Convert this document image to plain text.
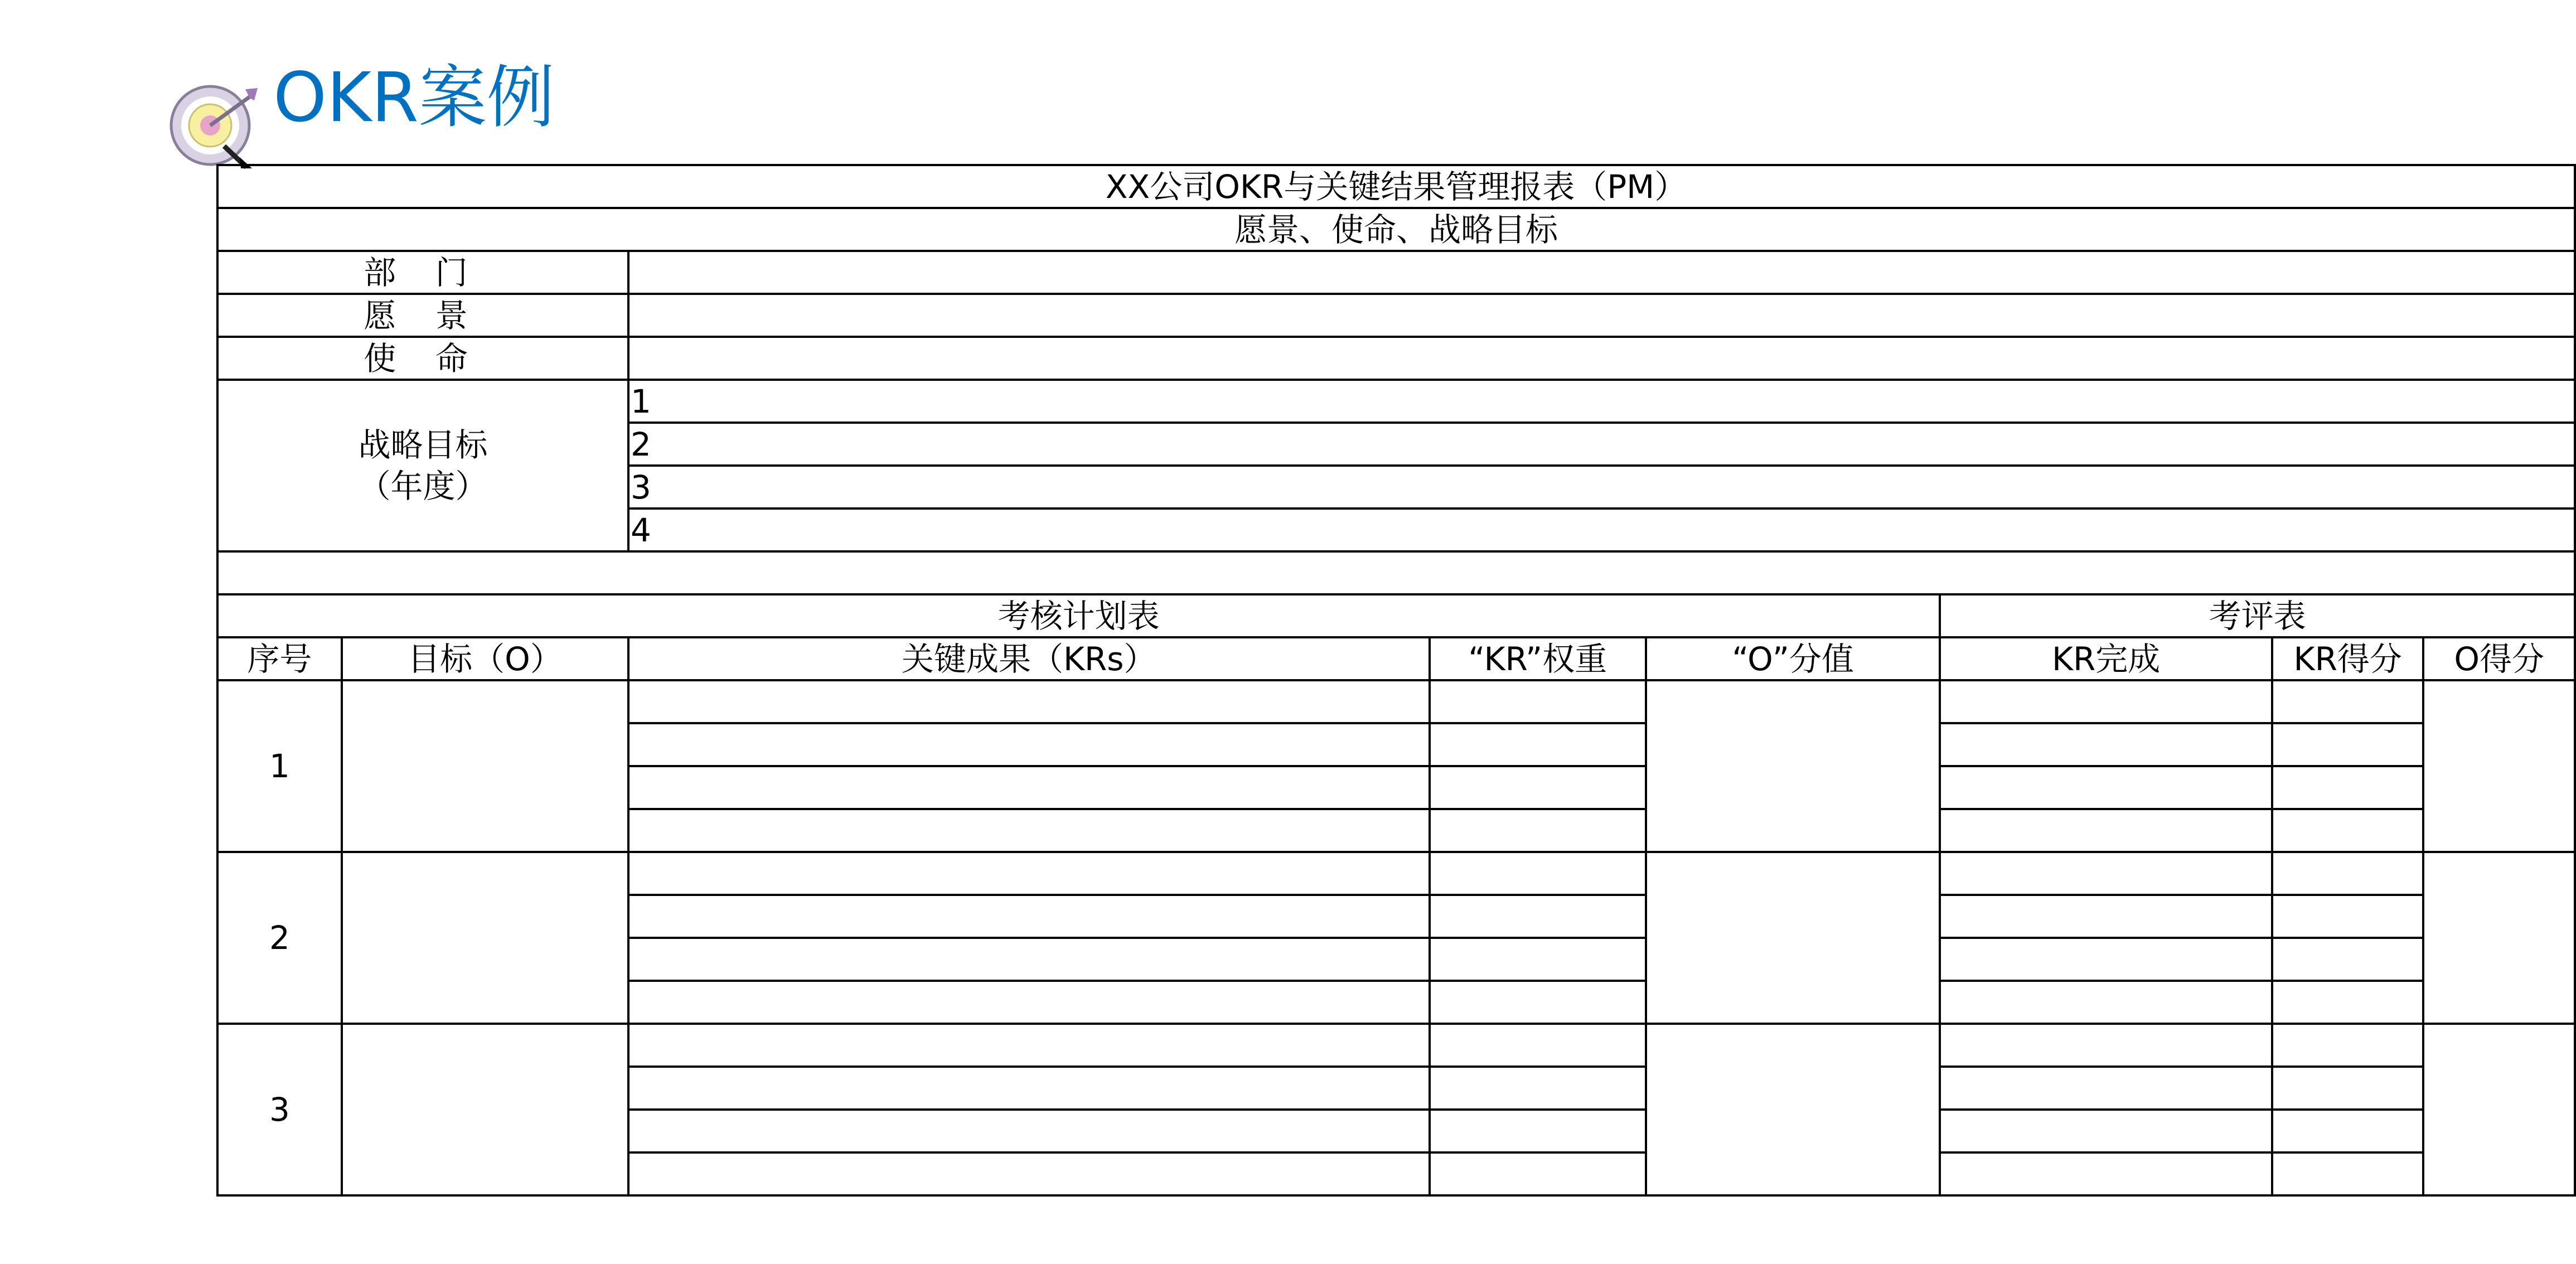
OKR案例
XX公司OKR与关键结果管理报表（PM）							
愿景、使命、战略目标							
部 门							
愿 景							
使 命							

战略目标
（年度）		1					
		2					
		3					
		4					

考核计划表					考评表		
序号	目标（O）	关键成果（KRs）	“KR”权重	“O”分值	KR完成	KR得分	O得分
1							

2							

3							
